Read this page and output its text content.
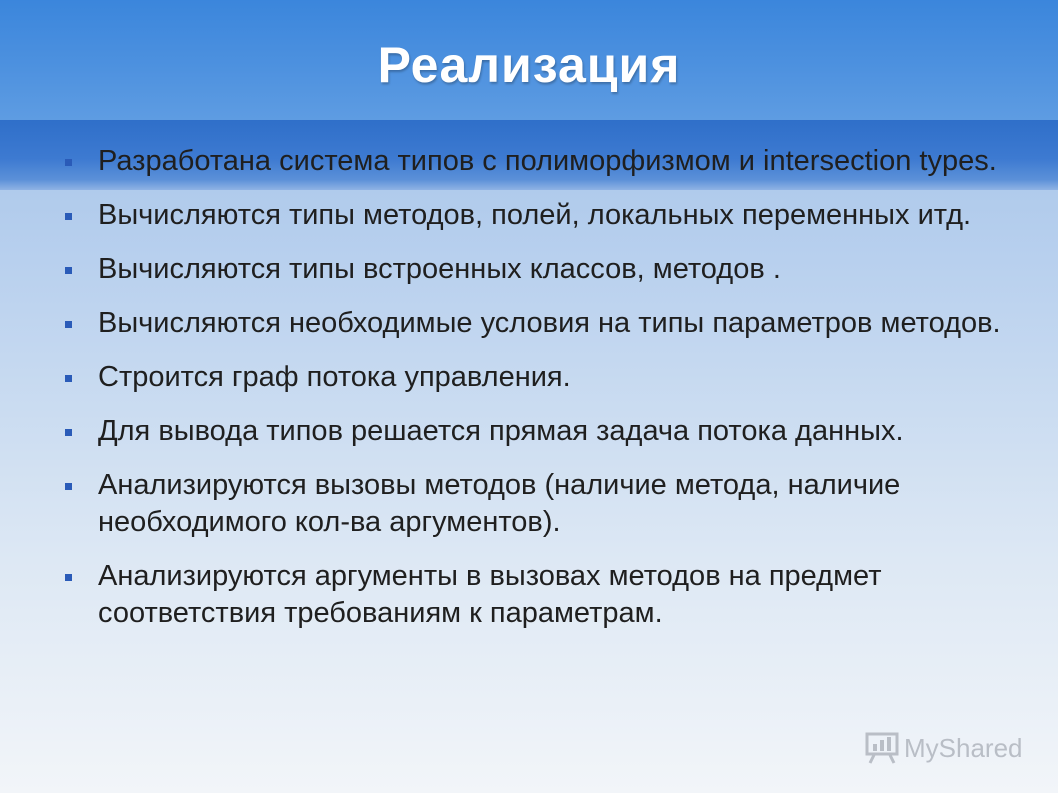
Реализация
Разработана система типов с полиморфизмом и intersection types.
Вычисляются типы методов, полей, локальных переменных итд.
Вычисляются типы встроенных классов, методов .
Вычисляются необходимые условия на типы параметров методов.
Строится граф потока управления.
Для вывода типов решается прямая задача потока данных.
Анализируются вызовы методов (наличие метода, наличие необходимого кол-ва аргументов).
Анализируются аргументы в вызовах методов на предмет соответствия требованиям к параметрам.
MyShared
